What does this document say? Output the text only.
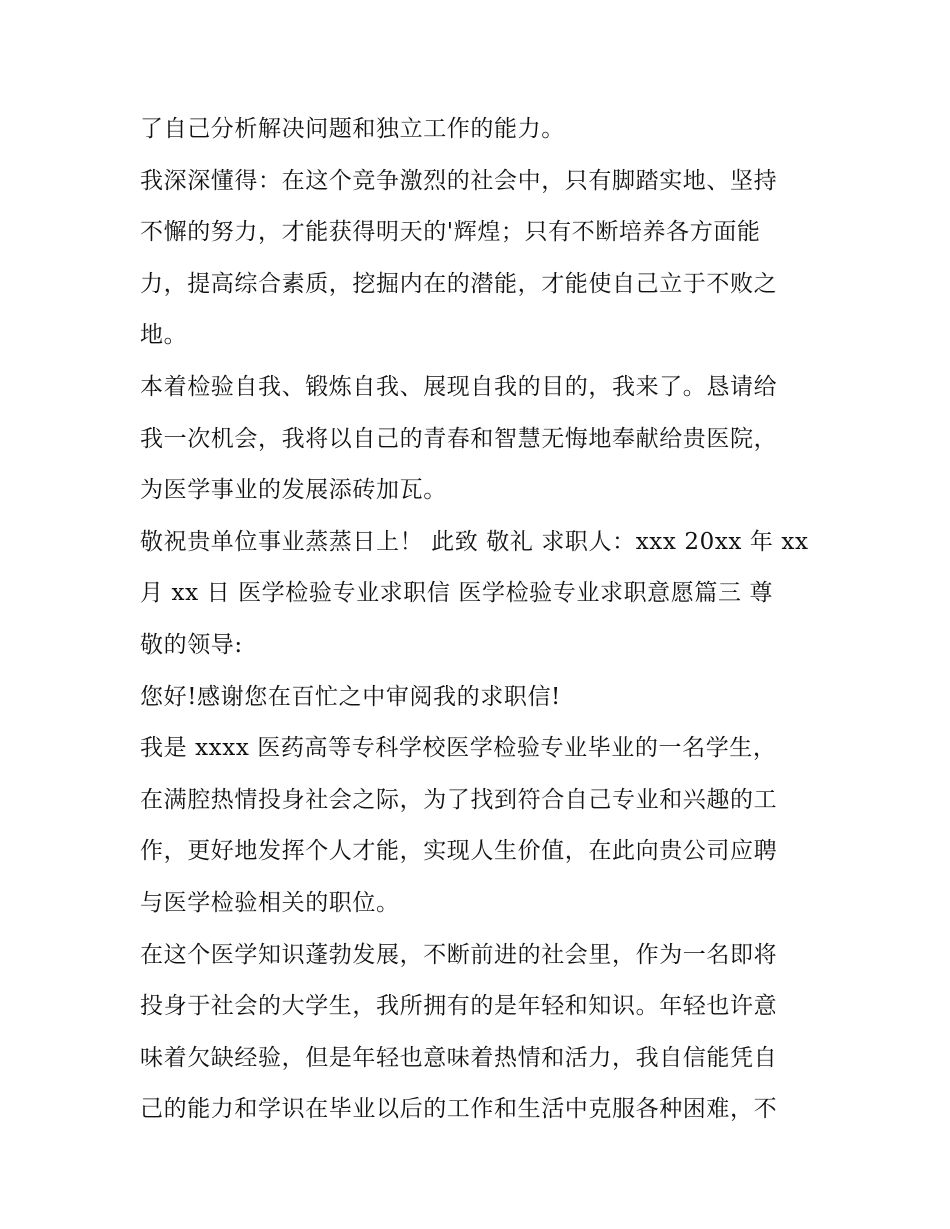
了自己分析解决问题和独立工作的能力。
我深深懂得：在这个竞争激烈的社会中，只有脚踏实地、坚持
不懈的努力，才能获得明天的'辉煌；只有不断培养各方面能
力，提高综合素质，挖掘内在的潜能，才能使自己立于不败之
地。
本着检验自我、锻炼自我、展现自我的目的，我来了。恳请给
我一次机会，我将以自己的青春和智慧无悔地奉献给贵医院，
为医学事业的发展添砖加瓦。
敬祝贵单位事业蒸蒸日上！ 此致 敬礼 求职人：xxx 20xx 年 xx
月 xx 日 医学检验专业求职信 医学检验专业求职意愿篇三 尊
敬的领导:
您好!感谢您在百忙之中审阅我的求职信!
我是 xxxx 医药高等专科学校医学检验专业毕业的一名学生，
在满腔热情投身社会之际，为了找到符合自己专业和兴趣的工
作，更好地发挥个人才能，实现人生价值，在此向贵公司应聘
与医学检验相关的职位。
在这个医学知识蓬勃发展，不断前进的社会里，作为一名即将
投身于社会的大学生，我所拥有的是年轻和知识。年轻也许意
味着欠缺经验，但是年轻也意味着热情和活力，我自信能凭自
己的能力和学识在毕业以后的工作和生活中克服各种困难，不
